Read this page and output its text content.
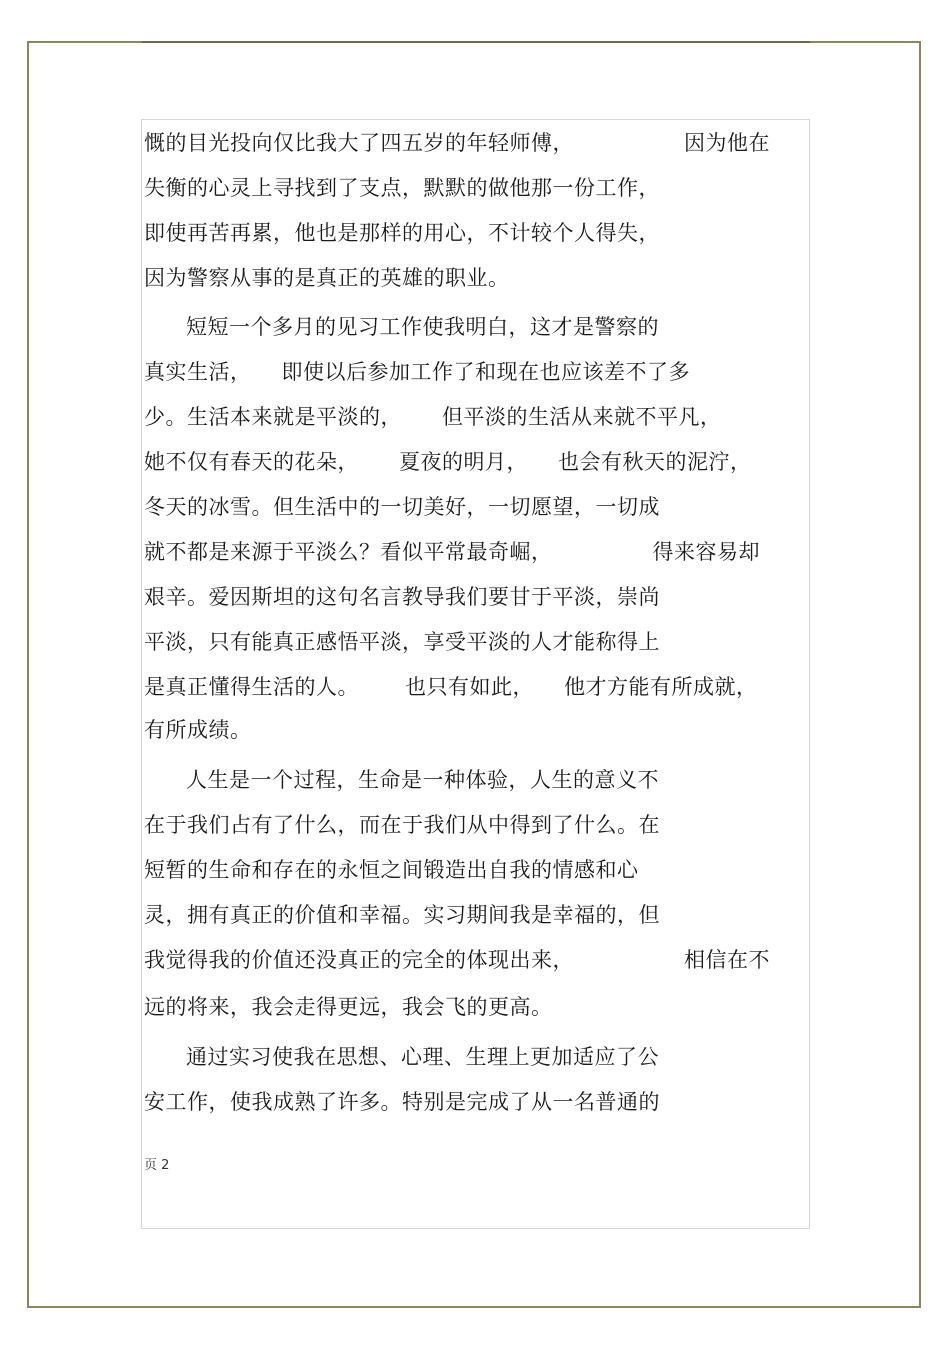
慨的目光投向仅比我大了四五岁的年轻师傅，	因为他在
失衡的心灵上寻找到了支点，默默的做他那一份工作，
即使再苦再累，他也是那样的用心，不计较个人得失，
因为警察从事的是真正的英雄的职业。
短短一个多月的见习工作使我明白，这才是警察的
真实生活， 即使以后参加工作了和现在也应该差不了多
少。生活本来就是平淡的， 但平淡的生活从来就不平凡，
她不仅有春天的花朵， 夏夜的明月， 也会有秋天的泥泞，
冬天的冰雪。但生活中的一切美好，一切愿望，一切成
就不都是来源于平淡么？看似平常最奇崛，	得来容易却
艰辛。爱因斯坦的这句名言教导我们要甘于平淡，崇尚
平淡，只有能真正感悟平淡，享受平淡的人才能称得上
是真正懂得生活的人。 也只有如此， 他才方能有所成就，
有所成绩。
人生是一个过程，生命是一种体验，人生的意义不
在于我们占有了什么，而在于我们从中得到了什么。在
短暂的生命和存在的永恒之间锻造出自我的情感和心
灵，拥有真正的价值和幸福。实习期间我是幸福的，但
我觉得我的价值还没真正的完全的体现出来，	相信在不
远的将来，我会走得更远，我会飞的更高。
通过实习使我在思想、心理、生理上更加适应了公
安工作，使我成熟了许多。特别是完成了从一名普通的
页 2
